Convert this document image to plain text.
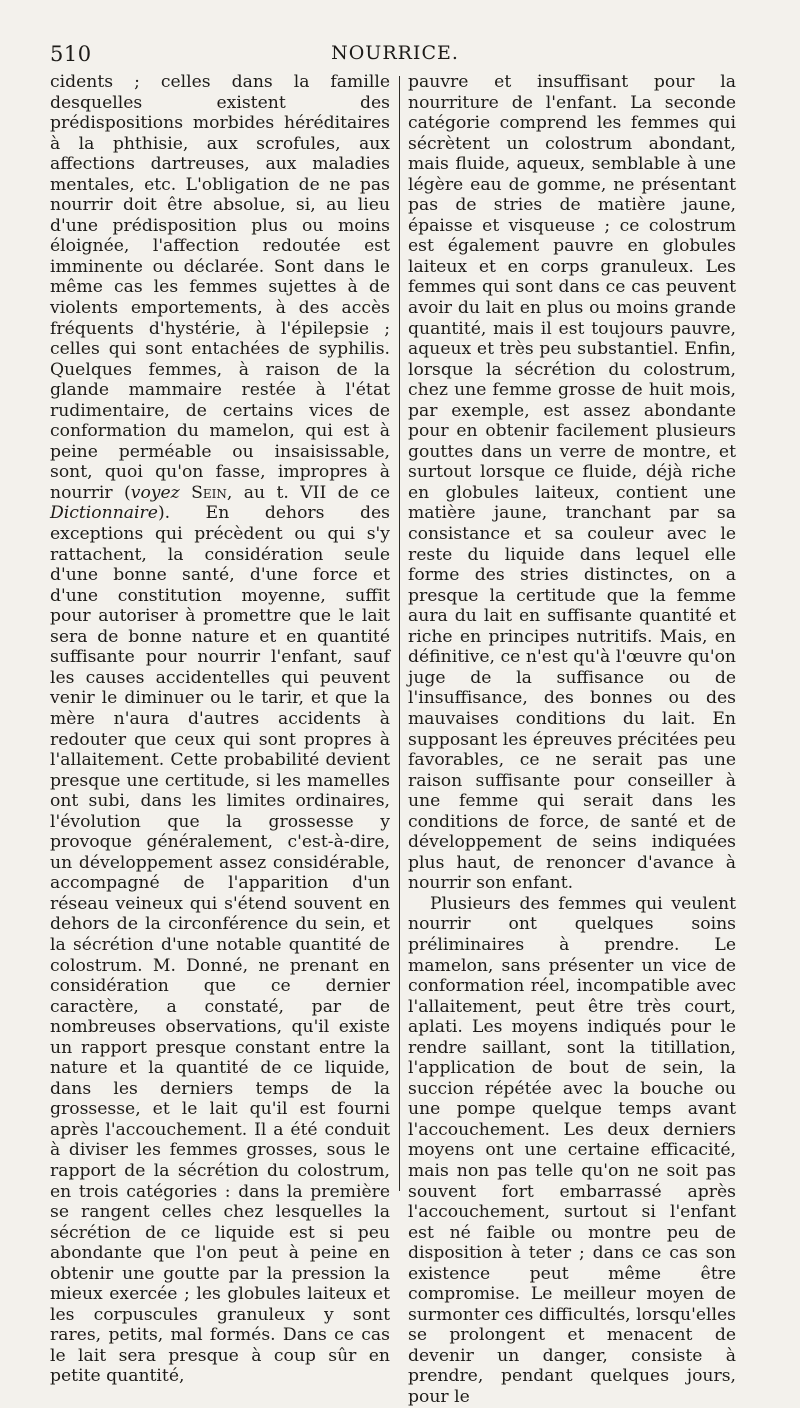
510	NOURRICE.

cidents ; celles dans la famille desquelles existent des prédispositions morbides héréditaires à la phthisie, aux scrofules, aux affections dartreuses, aux maladies mentales, etc. L'obligation de ne pas nourrir doit être absolue, si, au lieu d'une prédisposition plus ou moins éloignée, l'affection redoutée est imminente ou déclarée. Sont dans le même cas les femmes sujettes à de violents emportements, à des accès fréquents d'hystérie, à l'épilepsie ; celles qui sont entachées de syphilis. Quelques femmes, à raison de la glande mammaire restée à l'état rudimentaire, de certains vices de conformation du mamelon, qui est à peine perméable ou insaisissable, sont, quoi qu'on fasse, impropres à nourrir (voyez Sein, au t. VII de ce Dictionnaire). En dehors des exceptions qui précèdent ou qui s'y rattachent, la considération seule d'une bonne santé, d'une force et d'une constitution moyenne, suffit pour autoriser à promettre que le lait sera de bonne nature et en quantité suffisante pour nourrir l'enfant, sauf les causes accidentelles qui peuvent venir le diminuer ou le tarir, et que la mère n'aura d'autres accidents à redouter que ceux qui sont propres à l'allaitement. Cette probabilité devient presque une certitude, si les mamelles ont subi, dans les limites ordinaires, l'évolution que la grossesse y provoque généralement, c'est-à-dire, un développement assez considérable, accompagné de l'apparition d'un réseau veineux qui s'étend souvent en dehors de la circonférence du sein, et la sécrétion d'une notable quantité de colostrum. M. Donné, ne prenant en considération que ce dernier caractère, a constaté, par de nombreuses observations, qu'il existe un rapport presque constant entre la nature et la quantité de ce liquide, dans les derniers temps de la grossesse, et le lait qu'il est fourni après l'accouchement. Il a été conduit à diviser les femmes grosses, sous le rapport de la sécrétion du colostrum, en trois catégories : dans la première se rangent celles chez lesquelles la sécrétion de ce liquide est si peu abondante que l'on peut à peine en obtenir une goutte par la pression la mieux exercée ; les globules laiteux et les corpuscules granuleux y sont rares, petits, mal formés. Dans ce cas le lait sera presque à coup sûr en petite quantité,

pauvre et insuffisant pour la nourriture de l'enfant. La seconde catégorie comprend les femmes qui sécrètent un colostrum abondant, mais fluide, aqueux, semblable à une légère eau de gomme, ne présentant pas de stries de matière jaune, épaisse et visqueuse ; ce colostrum est également pauvre en globules laiteux et en corps granuleux. Les femmes qui sont dans ce cas peuvent avoir du lait en plus ou moins grande quantité, mais il est toujours pauvre, aqueux et très peu substantiel. Enfin, lorsque la sécrétion du colostrum, chez une femme grosse de huit mois, par exemple, est assez abondante pour en obtenir facilement plusieurs gouttes dans un verre de montre, et surtout lorsque ce fluide, déjà riche en globules laiteux, contient une matière jaune, tranchant par sa consistance et sa couleur avec le reste du liquide dans lequel elle forme des stries distinctes, on a presque la certitude que la femme aura du lait en suffisante quantité et riche en principes nutritifs. Mais, en définitive, ce n'est qu'à l'œuvre qu'on juge de la suffisance ou de l'insuffisance, des bonnes ou des mauvaises conditions du lait. En supposant les épreuves précitées peu favorables, ce ne serait pas une raison suffisante pour conseiller à une femme qui serait dans les conditions de force, de santé et de développement de seins indiquées plus haut, de renoncer d'avance à nourrir son enfant.

Plusieurs des femmes qui veulent nourrir ont quelques soins préliminaires à prendre. Le mamelon, sans présenter un vice de conformation réel, incompatible avec l'allaitement, peut être très court, aplati. Les moyens indiqués pour le rendre saillant, sont la titillation, l'application de bout de sein, la succion répétée avec la bouche ou une pompe quelque temps avant l'accouchement. Les deux derniers moyens ont une certaine efficacité, mais non pas telle qu'on ne soit pas souvent fort embarrassé après l'accouchement, surtout si l'enfant est né faible ou montre peu de disposition à teter ; dans ce cas son existence peut même être compromise. Le meilleur moyen de surmonter ces difficultés, lorsqu'elles se prolongent et menacent de devenir un danger, consiste à prendre, pendant quelques jours, pour le
